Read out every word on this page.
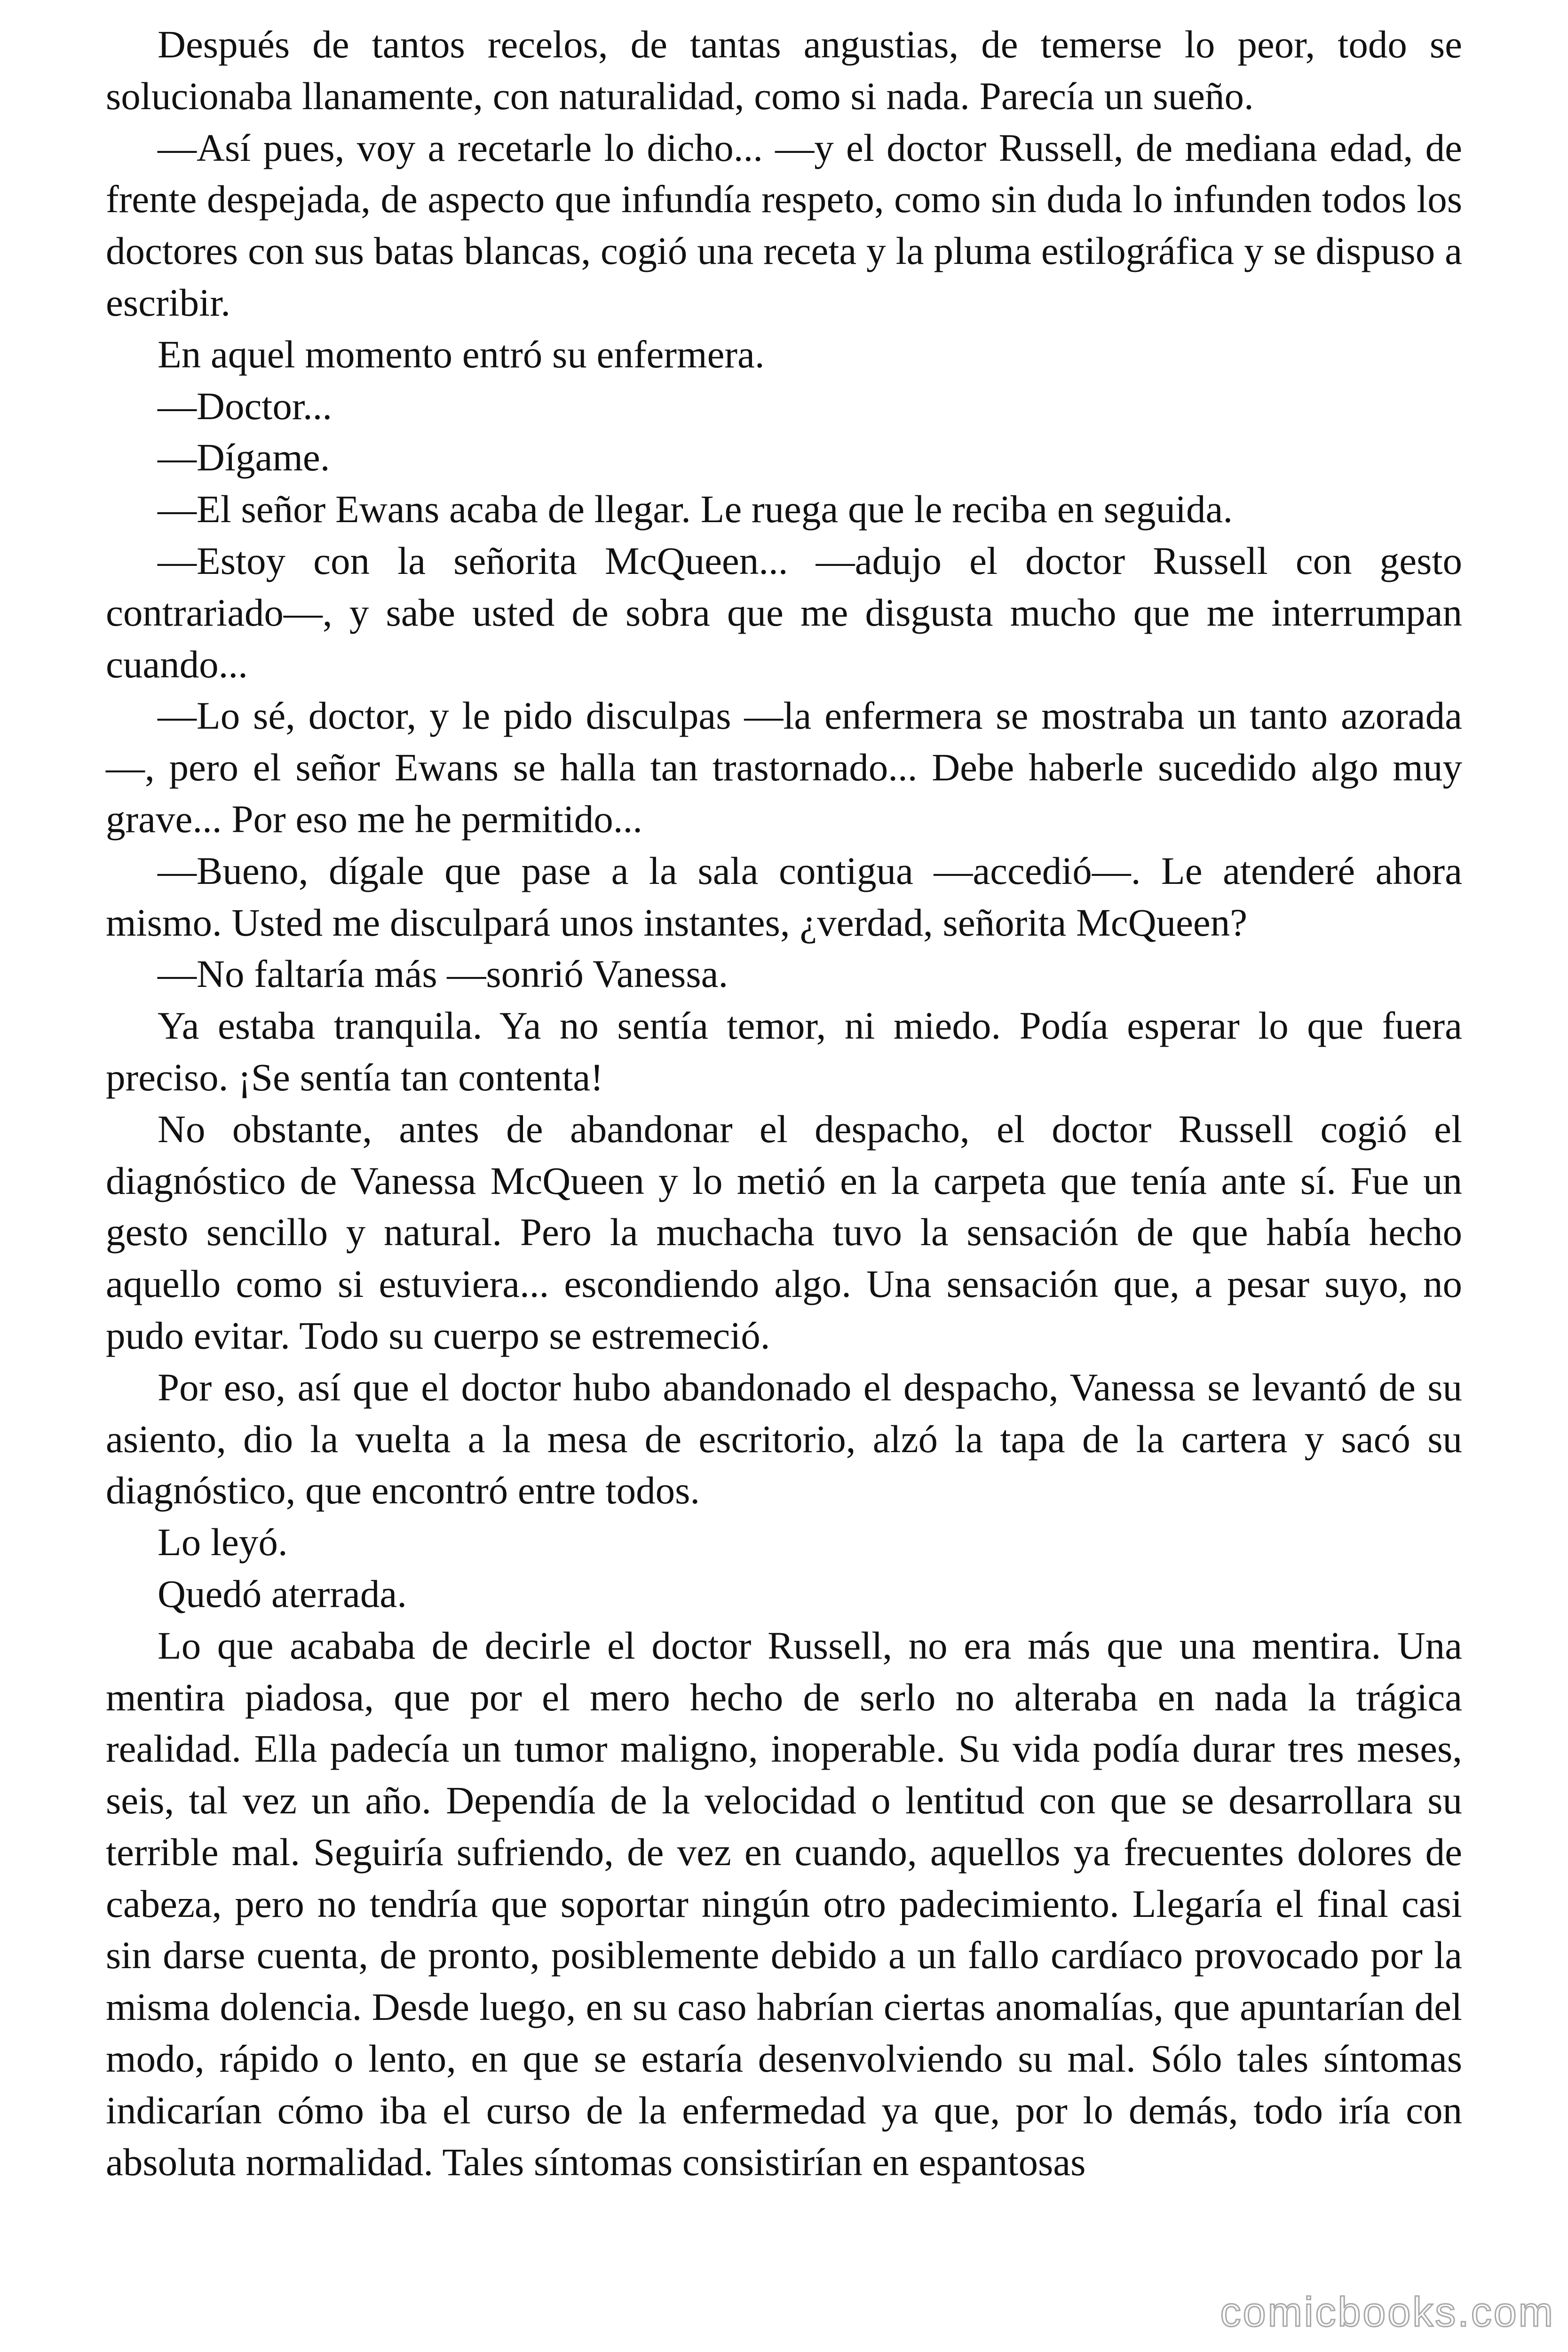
Después de tantos recelos, de tantas angustias, de temerse lo peor, todo se solucionaba llanamente, con naturalidad, como si nada. Parecía un sueño.

—Así pues, voy a recetarle lo dicho... —y el doctor Russell, de mediana edad, de frente despejada, de aspecto que infundía respeto, como sin duda lo infunden todos los doctores con sus batas blancas, cogió una receta y la pluma estilográfica y se dispuso a escribir.

En aquel momento entró su enfermera.

—Doctor...

—Dígame.

—El señor Ewans acaba de llegar. Le ruega que le reciba en seguida.

—Estoy con la señorita McQueen... —adujo el doctor Russell con gesto contrariado—, y sabe usted de sobra que me disgusta mucho que me interrumpan cuando...

—Lo sé, doctor, y le pido disculpas —la enfermera se mostraba un tanto azorada—, pero el señor Ewans se halla tan trastornado... Debe haberle sucedido algo muy grave... Por eso me he permitido...

—Bueno, dígale que pase a la sala contigua —accedió—. Le atenderé ahora mismo. Usted me disculpará unos instantes, ¿verdad, señorita McQueen?

—No faltaría más —sonrió Vanessa.

Ya estaba tranquila. Ya no sentía temor, ni miedo. Podía esperar lo que fuera preciso. ¡Se sentía tan contenta!

No obstante, antes de abandonar el despacho, el doctor Russell cogió el diagnóstico de Vanessa McQueen y lo metió en la carpeta que tenía ante sí. Fue un gesto sencillo y natural. Pero la muchacha tuvo la sensación de que había hecho aquello como si estuviera... escondiendo algo. Una sensación que, a pesar suyo, no pudo evitar. Todo su cuerpo se estremeció.

Por eso, así que el doctor hubo abandonado el despacho, Vanessa se levantó de su asiento, dio la vuelta a la mesa de escritorio, alzó la tapa de la cartera y sacó su diagnóstico, que encontró entre todos.

Lo leyó.

Quedó aterrada.

Lo que acababa de decirle el doctor Russell, no era más que una mentira. Una mentira piadosa, que por el mero hecho de serlo no alteraba en nada la trágica realidad. Ella padecía un tumor maligno, inoperable. Su vida podía durar tres meses, seis, tal vez un año. Dependía de la velocidad o lentitud con que se desarrollara su terrible mal. Seguiría sufriendo, de vez en cuando, aquellos ya frecuentes dolores de cabeza, pero no tendría que soportar ningún otro padecimiento. Llegaría el final casi sin darse cuenta, de pronto, posiblemente debido a un fallo cardíaco provocado por la misma dolencia. Desde luego, en su caso habrían ciertas anomalías, que apuntarían del modo, rápido o lento, en que se estaría desenvolviendo su mal. Sólo tales síntomas indicarían cómo iba el curso de la enfermedad ya que, por lo demás, todo iría con absoluta normalidad. Tales síntomas consistirían en espantosas

comicbooks.com
